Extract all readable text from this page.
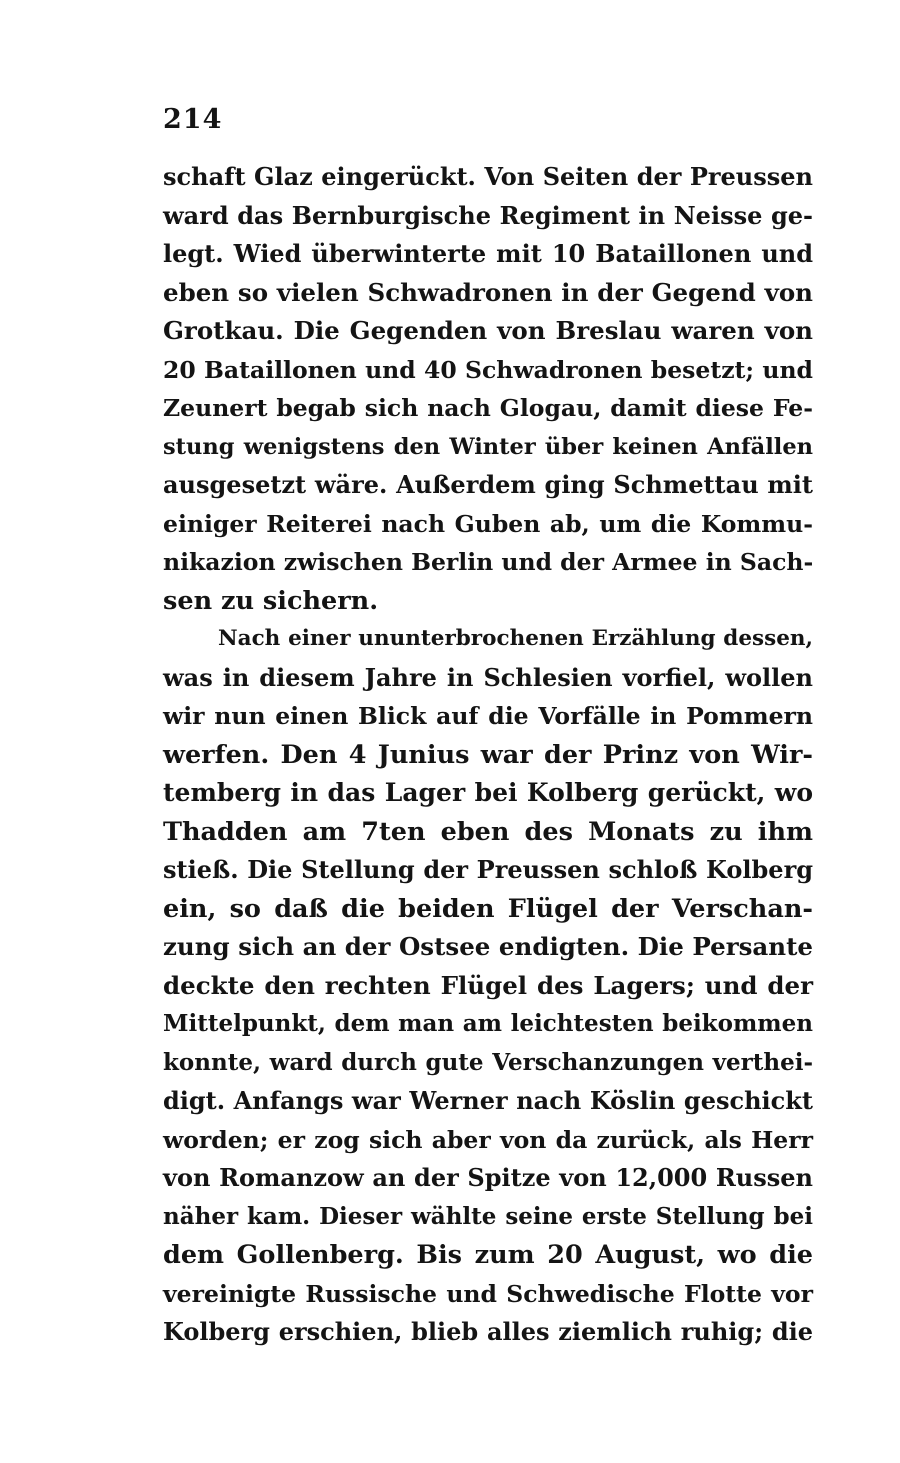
214
schaft Glaz eingerückt. Von Seiten der Preussen
ward das Bernburgische Regiment in Neisse ge-
legt. Wied überwinterte mit 10 Bataillonen und
eben so vielen Schwadronen in der Gegend von
Grotkau. Die Gegenden von Breslau waren von
20 Bataillonen und 40 Schwadronen besetzt; und
Zeunert begab sich nach Glogau, damit diese Fe-
stung wenigstens den Winter über keinen Anfällen
ausgesetzt wäre. Außerdem ging Schmettau mit
einiger Reiterei nach Guben ab, um die Kommu-
nikazion zwischen Berlin und der Armee in Sach-
sen zu sichern.
Nach einer ununterbrochenen Erzählung dessen,
was in diesem Jahre in Schlesien vorfiel, wollen
wir nun einen Blick auf die Vorfälle in Pommern
werfen. Den 4 Junius war der Prinz von Wir-
temberg in das Lager bei Kolberg gerückt, wo
Thadden am 7ten eben des Monats zu ihm
stieß. Die Stellung der Preussen schloß Kolberg
ein, so daß die beiden Flügel der Verschan-
zung sich an der Ostsee endigten. Die Persante
deckte den rechten Flügel des Lagers; und der
Mittelpunkt, dem man am leichtesten beikommen
konnte, ward durch gute Verschanzungen verthei-
digt. Anfangs war Werner nach Köslin geschickt
worden; er zog sich aber von da zurück, als Herr
von Romanzow an der Spitze von 12,000 Russen
näher kam. Dieser wählte seine erste Stellung bei
dem Gollenberg. Bis zum 20 August, wo die
vereinigte Russische und Schwedische Flotte vor
Kolberg erschien, blieb alles ziemlich ruhig; die
